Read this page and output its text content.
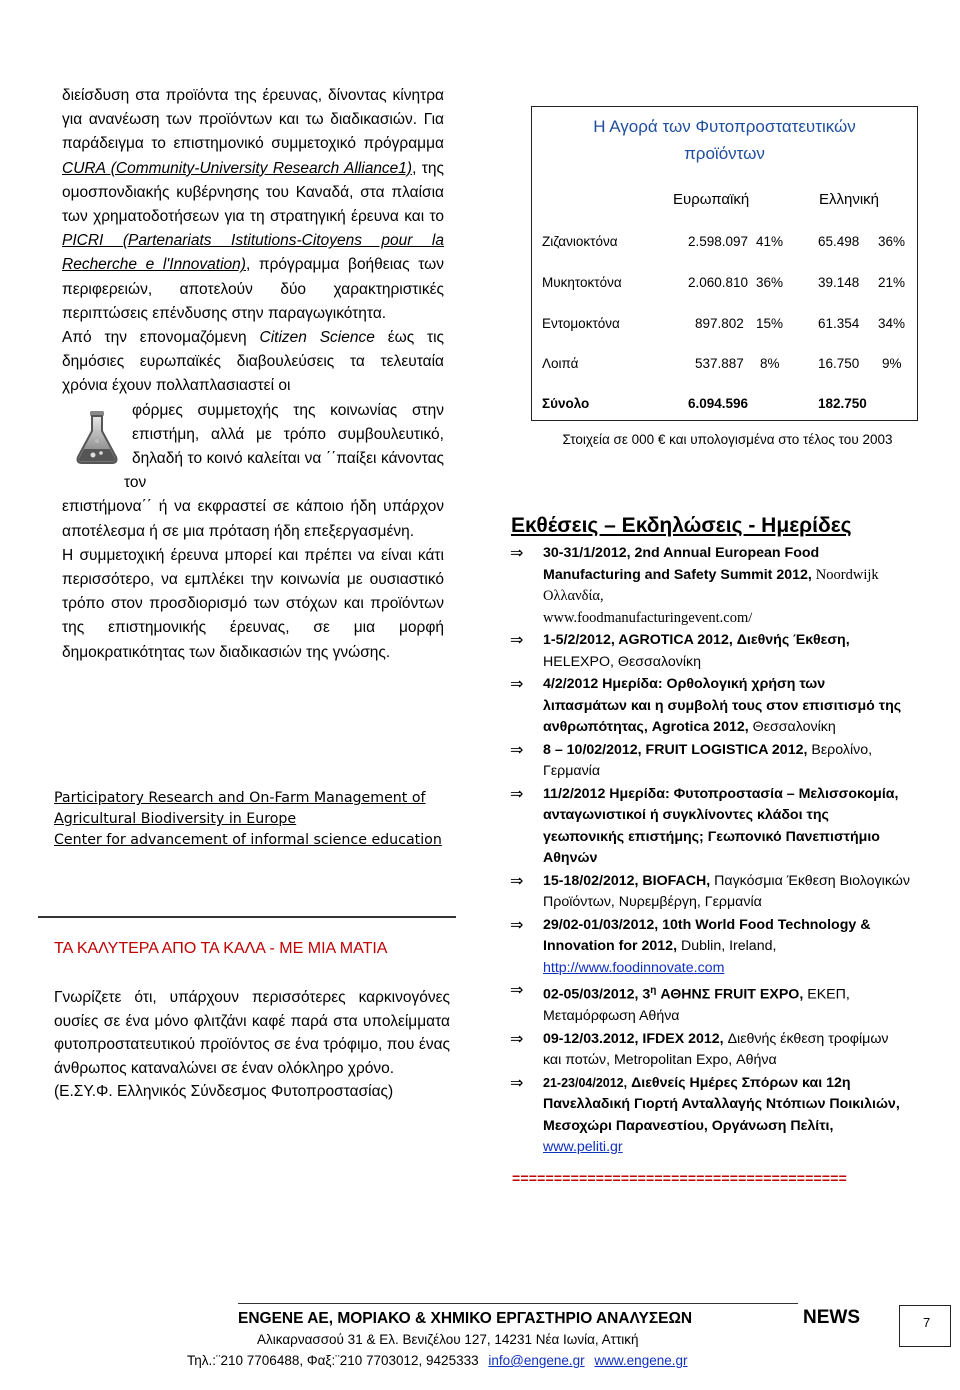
διείσδυση στα προϊόντα της έρευνας, δίνοντας κίνητρα για ανανέωση των προϊόντων και τω διαδικασιών. Για παράδειγμα το επιστημονικό συμμετοχικό πρόγραμμα CURA (Community-University Research Alliance1), της ομοσπονδιακής κυβέρνησης του Καναδά, στα πλαίσια των χρηματοδοτήσεων για τη στρατηγική έρευνα και το PICRI (Partenariats Istitutions-Citoyens pour la Recherche e l'Innovation), πρόγραμμα βοήθειας των περιφερειών, αποτελούν δύο χαρακτηριστικές περιπτώσεις επένδυσης στην παραγωγικότητα.

Από την επονομαζόμενη Citizen Science έως τις δημόσιες ευρωπαϊκές διαβουλεύσεις τα τελευταία χρόνια έχουν πολλαπλασιαστεί οι

φόρμες συμμετοχής της κοινωνίας στην επιστήμη, αλλά με τρόπο συμβουλευτικό, δηλαδή το κοινό καλείται να ΄΄παίξει κάνοντας τον

επιστήμονα΄΄ ή να εκφραστεί σε κάποιο ήδη υπάρχον αποτέλεσμα ή σε μια πρόταση ήδη επεξεργασμένη.

Η συμμετοχική έρευνα μπορεί και πρέπει να είναι κάτι περισσότερο, να εμπλέκει την κοινωνία με ουσιαστικό τρόπο στον προσδιορισμό των στόχων και προϊόντων της επιστημονικής έρευνας, σε μια μορφή δημοκρατικότητας των διαδικασιών της γνώσης.

Participatory Research and On-Farm Management of Agricultural Biodiversity in Europe
Center for advancement of informal science education
ΤΑ ΚΑΛΥΤΕΡΑ ΑΠΟ ΤΑ ΚΑΛΑ - ΜΕ ΜΙΑ ΜΑΤΙΑ

Γνωρίζετε ότι, υπάρχουν περισσότερες καρκινογόνες ουσίες σε ένα μόνο φλιτζάνι καφέ παρά στα υπολείμματα φυτοπροστατευτικού προϊόντος σε ένα τρόφιμο, που ένας άνθρωπος καταναλώνει σε έναν ολόκληρο χρόνο.

(Ε.ΣΥ.Φ. Ελληνικός Σύνδεσμος Φυτοπροστασίας)

Η Αγορά των Φυτοπροστατευτικών
προϊόντων
Ευρωπαϊκή	Ελληνική
Ζιζανιοκτόνα	2.598.097 41%	65.498 36%
Μυκητοκτόνα	2.060.810 36%	39.148 21%
Εντομοκτόνα	897.802 15%	61.354 34%
Λοιπά	537.887 8%	16.750 9%
Σύνολο	6.094.596	182.750
Στοιχεία σε 000 € και υπολογισμένα στο τέλος του 2003
Εκθέσεις – Εκδηλώσεις - Ημερίδες
⇒ 30-31/1/2012, 2nd Annual European Food Manufacturing and Safety Summit 2012, Noordwijk Ολλανδία,
www.foodmanufacturingevent.com/
⇒ 1-5/2/2012, AGROTICA 2012, Διεθνής Έκθεση,
HELEXPO, Θεσσαλονίκη
⇒ 4/2/2012 Ημερίδα: Ορθολογική χρήση των λιπασμάτων και η συμβολή τους στον επισιτισμό της ανθρωπότητας, Agrotica 2012, Θεσσαλονίκη
⇒ 8 – 10/02/2012, FRUIT LOGISTICA 2012, Βερολίνο, Γερμανία
⇒ 11/2/2012 Ημερίδα: Φυτοπροστασία – Μελισσοκομία, ανταγωνιστικοί ή συγκλίνοντες κλάδοι της γεωπονικής επιστήμης; Γεωπονικό Πανεπιστήμιο Αθηνών
⇒ 15-18/02/2012, BIOFACH, Παγκόσμια Έκθεση Βιολογικών Προϊόντων, Νυρεμβέργη, Γερμανία
⇒ 29/02-01/03/2012, 10th World Food Technology & Innovation for 2012, Dublin, Ireland,
http://www.foodinnovate.com
⇒ 02-05/03/2012, $3^\eta$ ΑΘΗΝΣ FRUIT EXPO, ΕΚΕΠ, Μεταμόρφωση Αθήνα
⇒ 09-12/03.2012, IFDEX 2012, Διεθνής έκθεση τροφίμων και ποτών, Metropolitan Expo, Αθήνα
⇒ 21-23/04/2012, Διεθνείς Ημέρες Σπόρων και 12η Πανελλαδική Γιορτή Ανταλλαγής Ντόπιων Ποικιλιών, Μεσοχώρι Παρανεστίου, Οργάνωση Πελίτι, www.peliti.gr
========================================
ENGENE AE, ΜΟΡΙΑΚΟ & ΧΗΜΙΚΟ ΕΡΓΑΣΤΗΡΙΟ ΑΝΑΛΥΣΕΩΝ
Αλικαρνασσού 31 & Ελ. Βενιζέλου 127, 14231 Νέα Ιωνία, Αττική
Τηλ.:¨210 7706488, Φαξ:¨210 7703012, 9425333 info@engene.gr www.engene.gr
NEWS	7
